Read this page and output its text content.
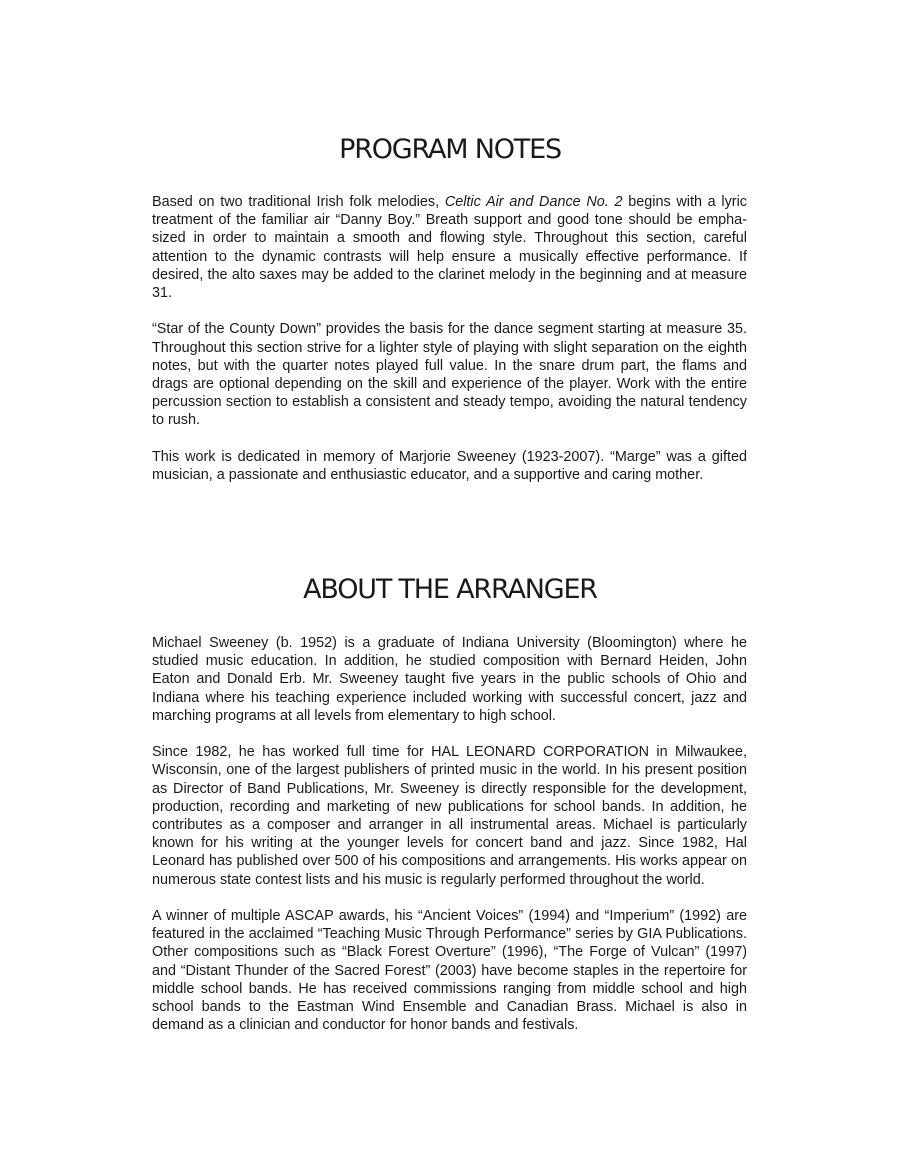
PROGRAM NOTES

Based on two traditional Irish folk melodies, Celtic Air and Dance No. 2 begins with a lyric treatment of the familiar air “Danny Boy.” Breath support and good tone should be emphasized in order to maintain a smooth and flowing style. Throughout this section, careful attention to the dynamic contrasts will help ensure a musically effective performance. If desired, the alto saxes may be added to the clarinet melody in the beginning and at measure 31.

“Star of the County Down” provides the basis for the dance segment starting at measure 35. Throughout this section strive for a lighter style of playing with slight separation on the eighth notes, but with the quarter notes played full value. In the snare drum part, the flams and drags are optional depending on the skill and experience of the player. Work with the entire percussion section to establish a consistent and steady tempo, avoiding the natural tendency to rush.

This work is dedicated in memory of Marjorie Sweeney (1923-2007). “Marge” was a gifted musician, a passionate and enthusiastic educator, and a supportive and caring mother.

ABOUT THE ARRANGER

Michael Sweeney (b. 1952) is a graduate of Indiana University (Bloomington) where he studied music education. In addition, he studied composition with Bernard Heiden, John Eaton and Donald Erb. Mr. Sweeney taught five years in the public schools of Ohio and Indiana where his teaching experience included working with successful concert, jazz and marching programs at all levels from elementary to high school.

Since 1982, he has worked full time for HAL LEONARD CORPORATION in Milwaukee, Wisconsin, one of the largest publishers of printed music in the world. In his present position as Director of Band Publications, Mr. Sweeney is directly responsible for the development, production, recording and marketing of new publications for school bands. In addition, he contributes as a composer and arranger in all instrumental areas. Michael is particularly known for his writing at the younger levels for concert band and jazz. Since 1982, Hal Leonard has published over 500 of his compositions and arrangements. His works appear on numerous state contest lists and his music is regularly performed throughout the world.

A winner of multiple ASCAP awards, his “Ancient Voices” (1994) and “Imperium” (1992) are featured in the acclaimed “Teaching Music Through Performance” series by GIA Publications. Other compositions such as “Black Forest Overture” (1996), “The Forge of Vulcan” (1997) and “Distant Thunder of the Sacred Forest” (2003) have become staples in the repertoire for middle school bands. He has received commissions ranging from middle school and high school bands to the Eastman Wind Ensemble and Canadian Brass. Michael is also in demand as a clinician and conductor for honor bands and festivals.
